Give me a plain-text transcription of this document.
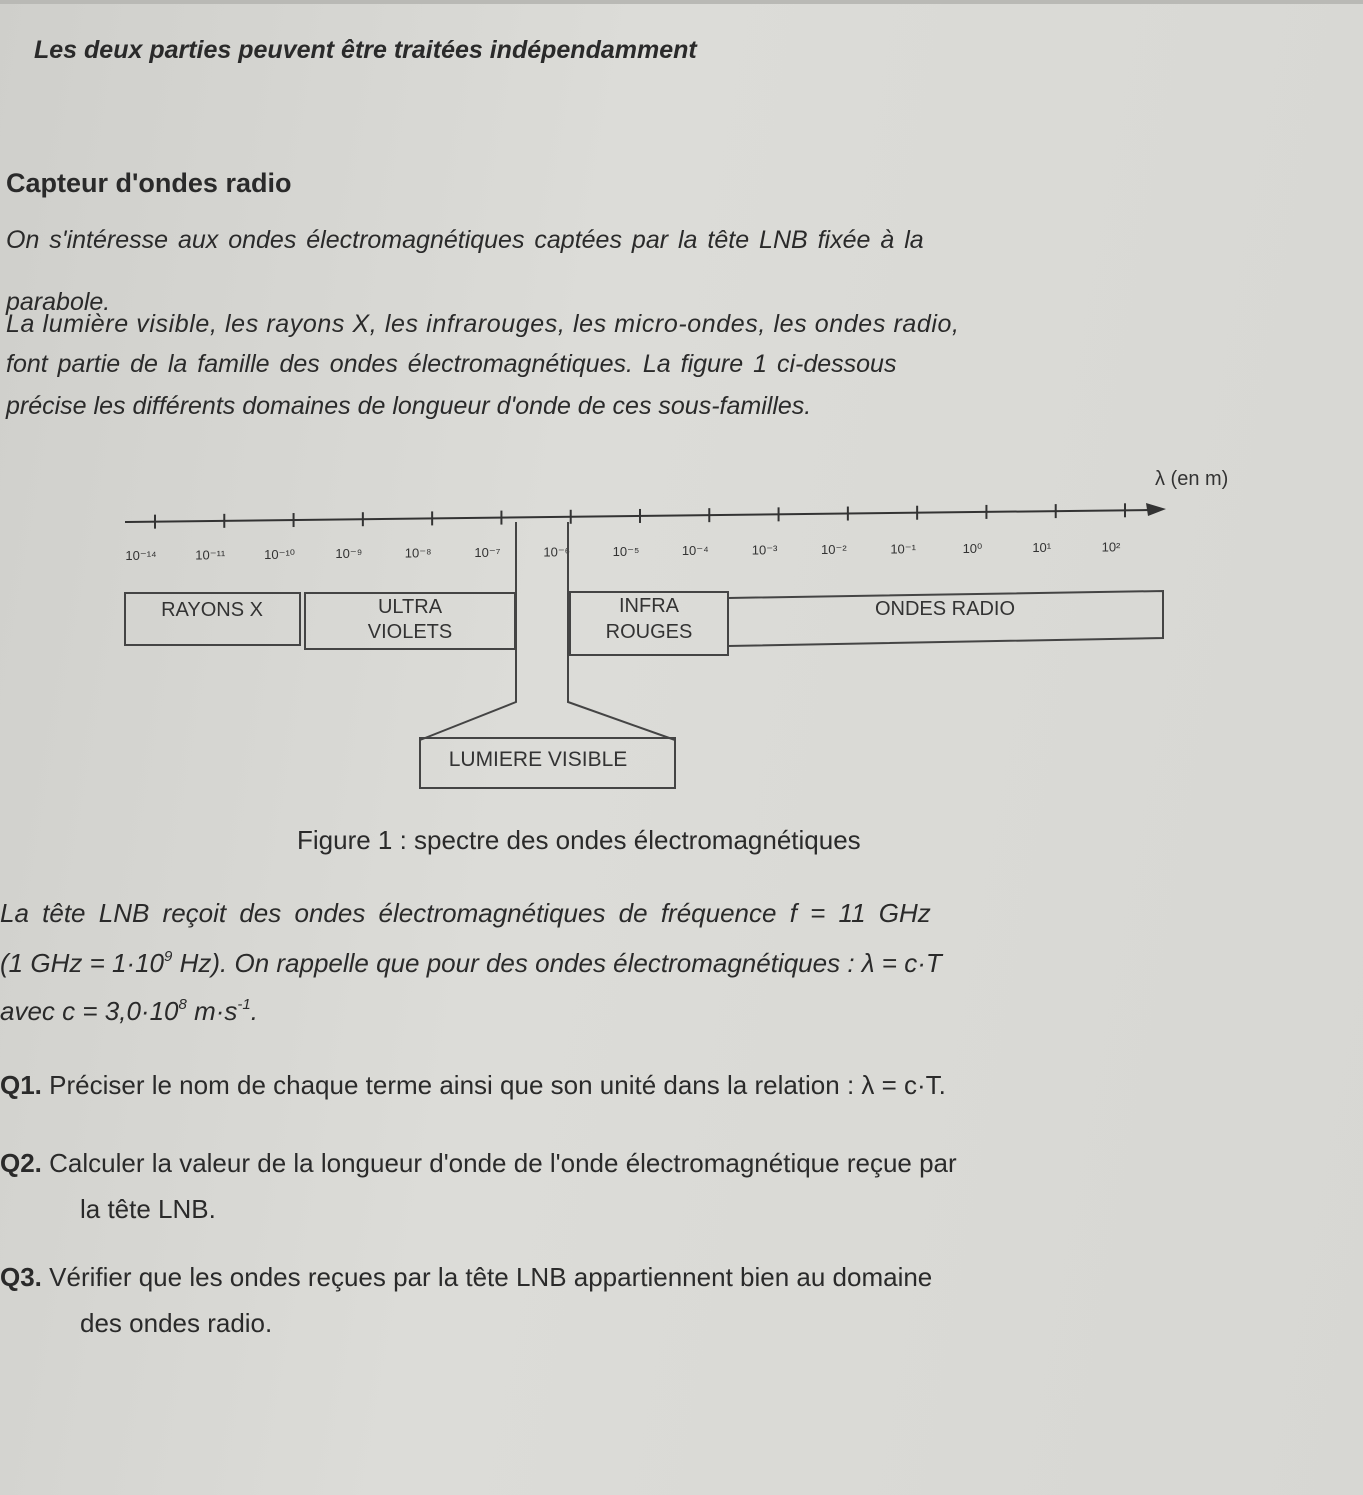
Les deux parties peuvent être traitées indépendamment
Capteur d'ondes radio
On s'intéresse aux ondes électromagnétiques captées par la tête LNB fixée à la
parabole.
La lumière visible, les rayons X, les infrarouges, les micro-ondes, les ondes radio,
font partie de la famille des ondes électromagnétiques. La figure 1 ci-dessous
précise les différents domaines de longueur d'onde de ces sous-familles.
λ (en m)
10⁻¹⁴	10⁻¹¹	10⁻¹⁰	10⁻⁹	10⁻⁸	10⁻⁷	10⁻⁶	10⁻⁵	10⁻⁴	10⁻³	10⁻²	10⁻¹	10⁰	10¹	10²
RAYONS X	ULTRA
VIOLETS
INFRA
ROUGES
ONDES RADIO
LUMIERE VISIBLE
Figure 1 : spectre des ondes électromagnétiques
La tête LNB reçoit des ondes électromagnétiques de fréquence f = 11 GHz
(1 GHz = $1\cdot 10^9$ Hz). On rappelle que pour des ondes électromagnétiques : λ = c·T
avec $c = 3,0\cdot 10^8$ $m\cdot s^{-1}$.
Q1. Préciser le nom de chaque terme ainsi que son unité dans la relation : λ = c·T.
Q2. Calculer la valeur de la longueur d'onde de l'onde électromagnétique reçue par
la tête LNB.
Q3. Vérifier que les ondes reçues par la tête LNB appartiennent bien au domaine
des ondes radio.
